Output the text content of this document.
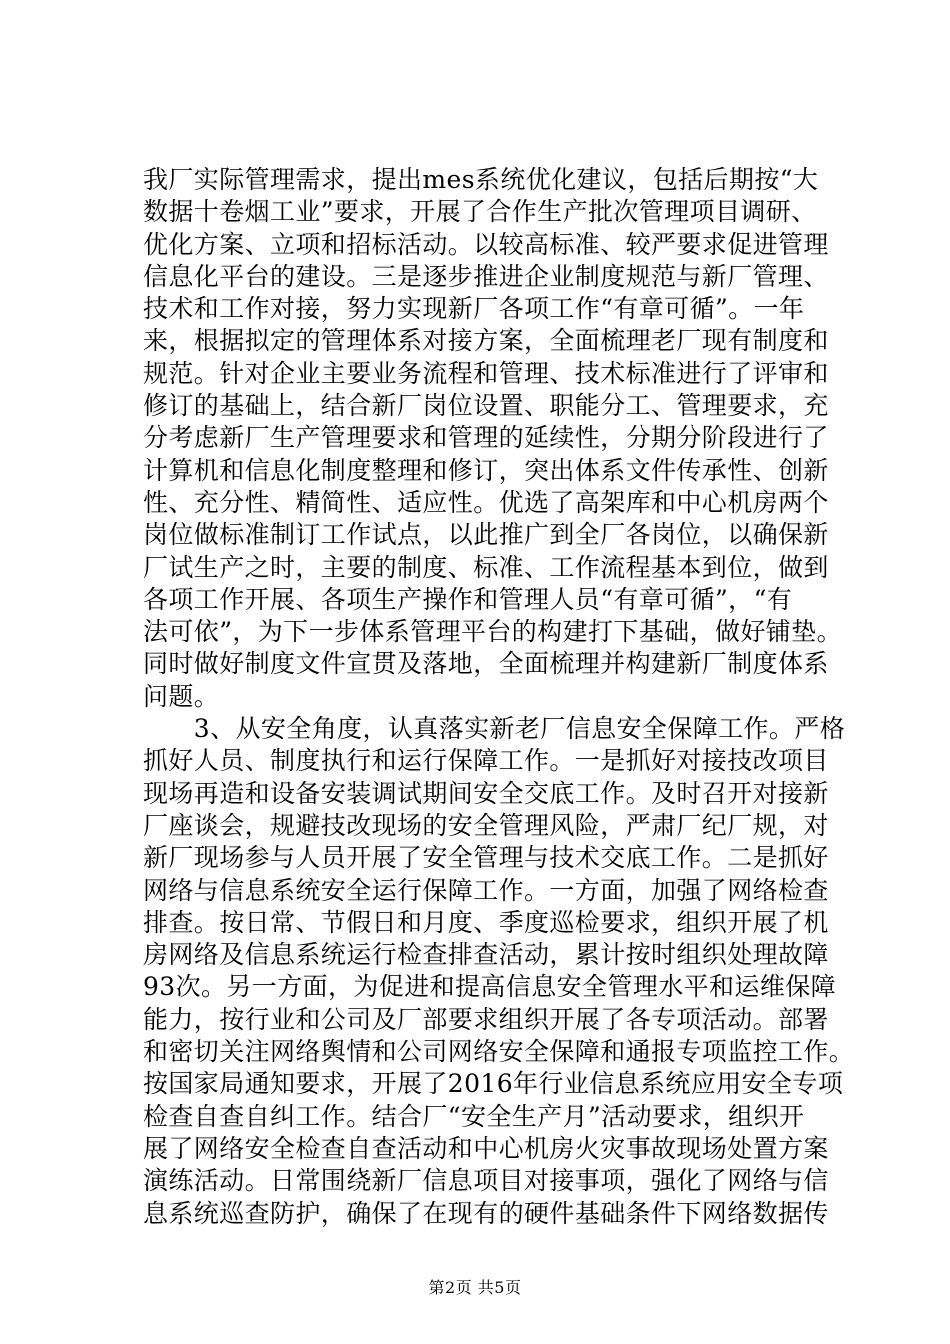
我厂实际管理需求，提出mes系统优化建议，包括后期按“大
数据十卷烟工业”要求，开展了合作生产批次管理项目调研、
优化方案、立项和招标活动。以较高标准、较严要求促进管理
信息化平台的建设。三是逐步推进企业制度规范与新厂管理、
技术和工作对接，努力实现新厂各项工作“有章可循”。一年
来，根据拟定的管理体系对接方案，全面梳理老厂现有制度和
规范。针对企业主要业务流程和管理、技术标准进行了评审和
修订的基础上，结合新厂岗位设置、职能分工、管理要求，充
分考虑新厂生产管理要求和管理的延续性，分期分阶段进行了
计算机和信息化制度整理和修订，突出体系文件传承性、创新
性、充分性、精简性、适应性。优选了高架库和中心机房两个
岗位做标准制订工作试点，以此推广到全厂各岗位，以确保新
厂试生产之时，主要的制度、标准、工作流程基本到位，做到
各项工作开展、各项生产操作和管理人员“有章可循”，“有
法可依”，为下一步体系管理平台的构建打下基础，做好铺垫。
同时做好制度文件宣贯及落地，全面梳理并构建新厂制度体系
问题。
　　3、从安全角度，认真落实新老厂信息安全保障工作。严格
抓好人员、制度执行和运行保障工作。一是抓好对接技改项目
现场再造和设备安装调试期间安全交底工作。及时召开对接新
厂座谈会，规避技改现场的安全管理风险，严肃厂纪厂规，对
新厂现场参与人员开展了安全管理与技术交底工作。二是抓好
网络与信息系统安全运行保障工作。一方面，加强了网络检查
排查。按日常、节假日和月度、季度巡检要求，组织开展了机
房网络及信息系统运行检查排查活动，累计按时组织处理故障
93次。另一方面，为促进和提高信息安全管理水平和运维保障
能力，按行业和公司及厂部要求组织开展了各专项活动。部署
和密切关注网络舆情和公司网络安全保障和通报专项监控工作。
按国家局通知要求，开展了2016年行业信息系统应用安全专项
检查自查自纠工作。结合厂“安全生产月”活动要求，组织开
展了网络安全检查自查活动和中心机房火灾事故现场处置方案
演练活动。日常围绕新厂信息项目对接事项，强化了网络与信
息系统巡查防护，确保了在现有的硬件基础条件下网络数据传
第2页 共5页
